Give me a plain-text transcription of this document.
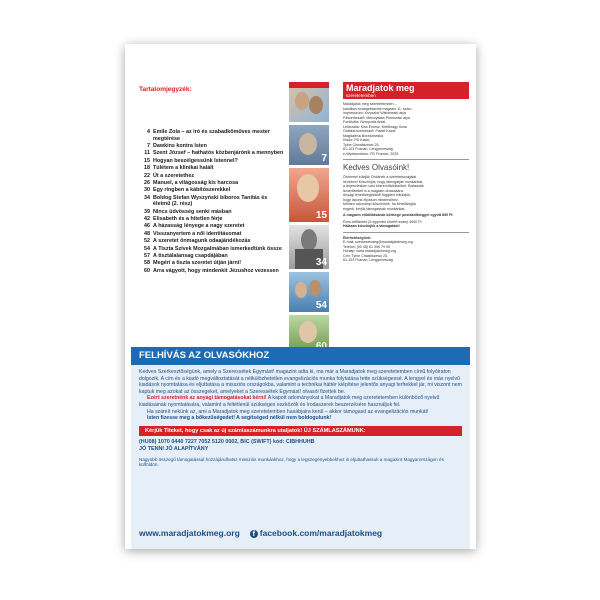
Tartalomjegyzék:
4 Emile Zola – az író és szabadkőműves mester megtérése
7 Dawkins kontra Isten
11 Szent József – hathatós közbenjárónk a mennyben
15 Hogyan beszélgessünk Istennel?
18 Túlétem a klinikai halált
22 Út a szeretethez
26 Manuel, a világosság kis harcosa
30 Egy ringben a kábítószerekkel
34 Boldog Stefan Wyszyński bíboros Tanítás és életmű (2. rész)
39 Nincs üdvösség senki másban
42 Elisabeth és a hitetlen férje
46 A házasság lényege a nagy szeretet
48 Visszanyertem a női identitásomat
52 A szeretet önmagunk odaajándékozás
54 A Tiszta Szívek Mozgalmában ismerkedtünk össze
57 A tisztálalansag csapdájában
58 Megéri a tiszta szeretet útján járni!
60 Arra vágyott, hogy mindenkit Jézushoz vezessen
7
15
34
54
Maradjatok meg
szeretetemben
Maradjatok meg szeretetemben –
katolikus evangelizációs magazin 11. szám
Impresszum: Krzysztof Wiśniewski atya
Főszerkesztő: Mieczysław Piotrowski atya
Fordította: Nemporta Antal
Lektorálta: Kiss Ernesz, Kettőnagy Ilona
Grafikai szerkesztő: Paweł Kozar
Magdalena Borzdzewska
Kiadó: PD Kiadó,
Tylne Chwaliszewo 25,
61-103 Poznań, Lengyelország
e-Wydawnictwo: PD Poznań, 2025
Kedves Olvasóink!
Örömmel küldjük Önöknek a szeretetszolgálat
nevében! Köszönjük, hogy támogatják munkánkat,
a terjesztésben való közreműködésüket. Bíztassák
ismerőseiket is a magazin olvasására.
Anyagi lehetőségeinktől függően elküldjük,
hogy lapunk eljusson mindenkihez.
Minden adományt köszönünk, ha lehetőségük
engedi, kérjük támogassák munkánkat.
A magazin előállításának költsége postaköltséggel együtt 850 Ft.
Éves előfizetés (5 egymást követő szám) 4000 Ft.
Hálásan köszönjük a támogatást!
Elérhetőségünk:
E-mail: szerkesztoseg@maradjatokmeg.org
Telefon: (00 48) 61 306 79 90
Honlap: www.maradjatokmeg.org
Cím: Tylne Chwaliszewo 25,
61-103 Poznań, Lengyelország
FELHÍVÁS AZ OLVASÓKHOZ
Kedves Szerkesztőségünk, amely a Szeressétek Egymást! magazint adta ki, ma már a Maradjatok meg szeretetemben című folyóiraton dolgozik. A cím és a kiadó megváltoztatását a nélkülözhetetlen evangelizációs munka folytatása tette szükségessé. A lengyel és más nyelvű kiadások nyomtatása és eljuttatása a missziós országokba, valamint a technikai háttér kiépítése jelentős anyagi terhekkel jár, mi viszont nem kaptuk meg azokat az összegeket, amelyeket a Szeressétek Egymást! olvasói fizettek be.
Ezért szeretnénk az anyagi támogatásokat kérni! A kapott adományokat a Maradjatok meg szeretetemben különböző nyelvű kiadásainak nyomtatására, valamint a feltétlenül szükséges eszközök és irodaszerek beszerzésére használjuk fel.
Ha számít nekünk az, ami a Maradjatok meg szeretetemben hasábjaira kerül – akkor támogasd az evangelizációs munkát!
Isten fizesse meg a bőkezűségedet! A segítséged nélkül nem boldogulunk!
Kérjük Titeket, hogy csak az új számlaszámunkra utaljatok! ÚJ SZÁMLASZÁMUNK:
(HU08) 1070 0440 7227 7052 5120 0002, BIC (SWIFT) kód: CIBHHUHB
JÓ TENNI JÓ ALAPÍTVÁNY
Nagyobb összegű támogatással hozzájárulhatsz missziós munkánkhoz, hogy a legszegényebbekhez is eljuttathassuk a magazint Magyarországon és külföldön.
www.maradjatokmeg.org	f facebook.com/maradjatokmeg
